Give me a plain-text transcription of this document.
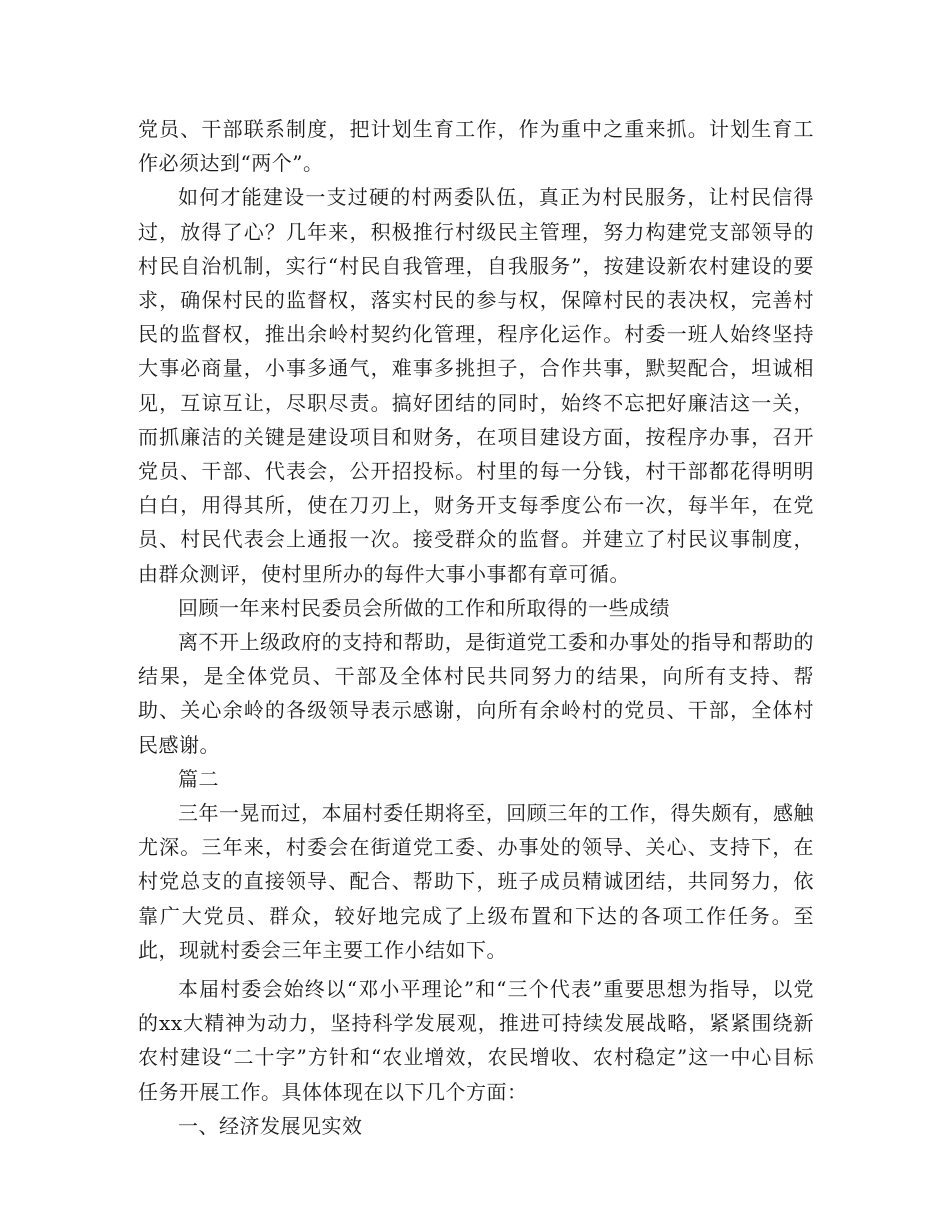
党员、干部联系制度，把计划生育工作，作为重中之重来抓。计划生育工作必须达到“两个”。

如何才能建设一支过硬的村两委队伍，真正为村民服务，让村民信得过，放得了心？几年来，积极推行村级民主管理，努力构建党支部领导的村民自治机制，实行“村民自我管理，自我服务”，按建设新农村建设的要求，确保村民的监督权，落实村民的参与权，保障村民的表决权，完善村民的监督权，推出余岭村契约化管理，程序化运作。村委一班人始终坚持大事必商量，小事多通气，难事多挑担子，合作共事，默契配合，坦诚相见，互谅互让，尽职尽责。搞好团结的同时，始终不忘把好廉洁这一关，而抓廉洁的关键是建设项目和财务，在项目建设方面，按程序办事，召开党员、干部、代表会，公开招投标。村里的每一分钱，村干部都花得明明白白，用得其所，使在刀刃上，财务开支每季度公布一次，每半年，在党员、村民代表会上通报一次。接受群众的监督。并建立了村民议事制度，由群众测评，使村里所办的每件大事小事都有章可循。

回顾一年来村民委员会所做的工作和所取得的一些成绩

离不开上级政府的支持和帮助，是街道党工委和办事处的指导和帮助的结果，是全体党员、干部及全体村民共同努力的结果，向所有支持、帮助、关心余岭的各级领导表示感谢，向所有余岭村的党员、干部，全体村民感谢。

篇二

三年一晃而过，本届村委任期将至，回顾三年的工作，得失颇有，感触尤深。三年来，村委会在街道党工委、办事处的领导、关心、支持下，在村党总支的直接领导、配合、帮助下，班子成员精诚团结，共同努力，依靠广大党员、群众，较好地完成了上级布置和下达的各项工作任务。至此，现就村委会三年主要工作小结如下。

本届村委会始终以“邓小平理论”和“三个代表”重要思想为指导，以党的xx大精神为动力，坚持科学发展观，推进可持续发展战略，紧紧围绕新农村建设“二十字”方针和“农业增效，农民增收、农村稳定”这一中心目标任务开展工作。具体体现在以下几个方面：

一、经济发展见实效
